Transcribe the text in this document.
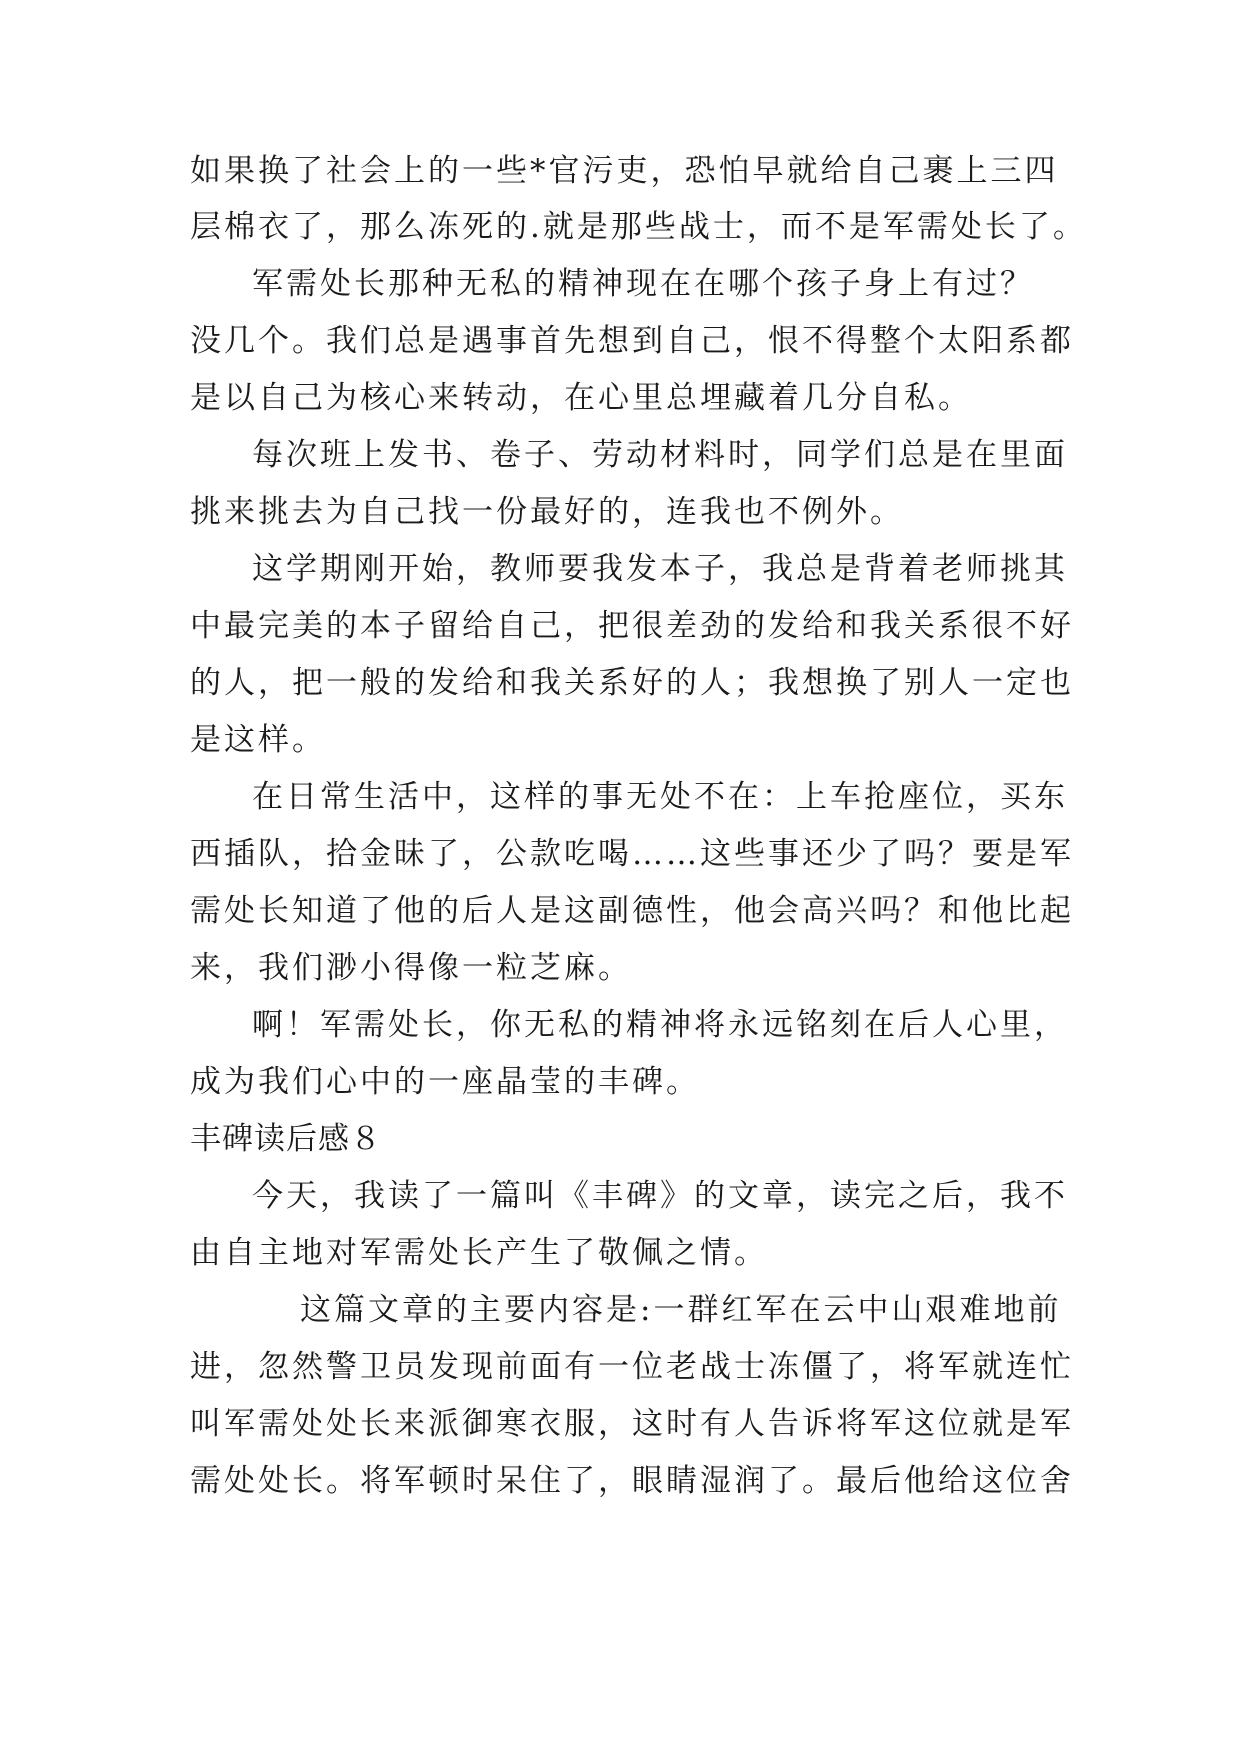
如果换了社会上的一些*官污吏，恐怕早就给自己裹上三四
层棉衣了，那么冻死的.就是那些战士，而不是军需处长了。
军需处长那种无私的精神现在在哪个孩子身上有过？
没几个。我们总是遇事首先想到自己，恨不得整个太阳系都
是以自己为核心来转动，在心里总埋藏着几分自私。
每次班上发书、卷子、劳动材料时，同学们总是在里面
挑来挑去为自己找一份最好的，连我也不例外。
这学期刚开始，教师要我发本子，我总是背着老师挑其
中最完美的本子留给自己，把很差劲的发给和我关系很不好
的人，把一般的发给和我关系好的人；我想换了别人一定也
是这样。
在日常生活中，这样的事无处不在：上车抢座位，买东
西插队，拾金昧了，公款吃喝……这些事还少了吗？要是军
需处长知道了他的后人是这副德性，他会高兴吗？和他比起
来，我们渺小得像一粒芝麻。
啊！军需处长，你无私的精神将永远铭刻在后人心里，
成为我们心中的一座晶莹的丰碑。
丰碑读后感８
今天，我读了一篇叫《丰碑》的文章，读完之后，我不
由自主地对军需处长产生了敬佩之情。
这篇文章的主要内容是:一群红军在云中山艰难地前
进，忽然警卫员发现前面有一位老战士冻僵了，将军就连忙
叫军需处处长来派御寒衣服，这时有人告诉将军这位就是军
需处处长。将军顿时呆住了，眼睛湿润了。最后他给这位舍
